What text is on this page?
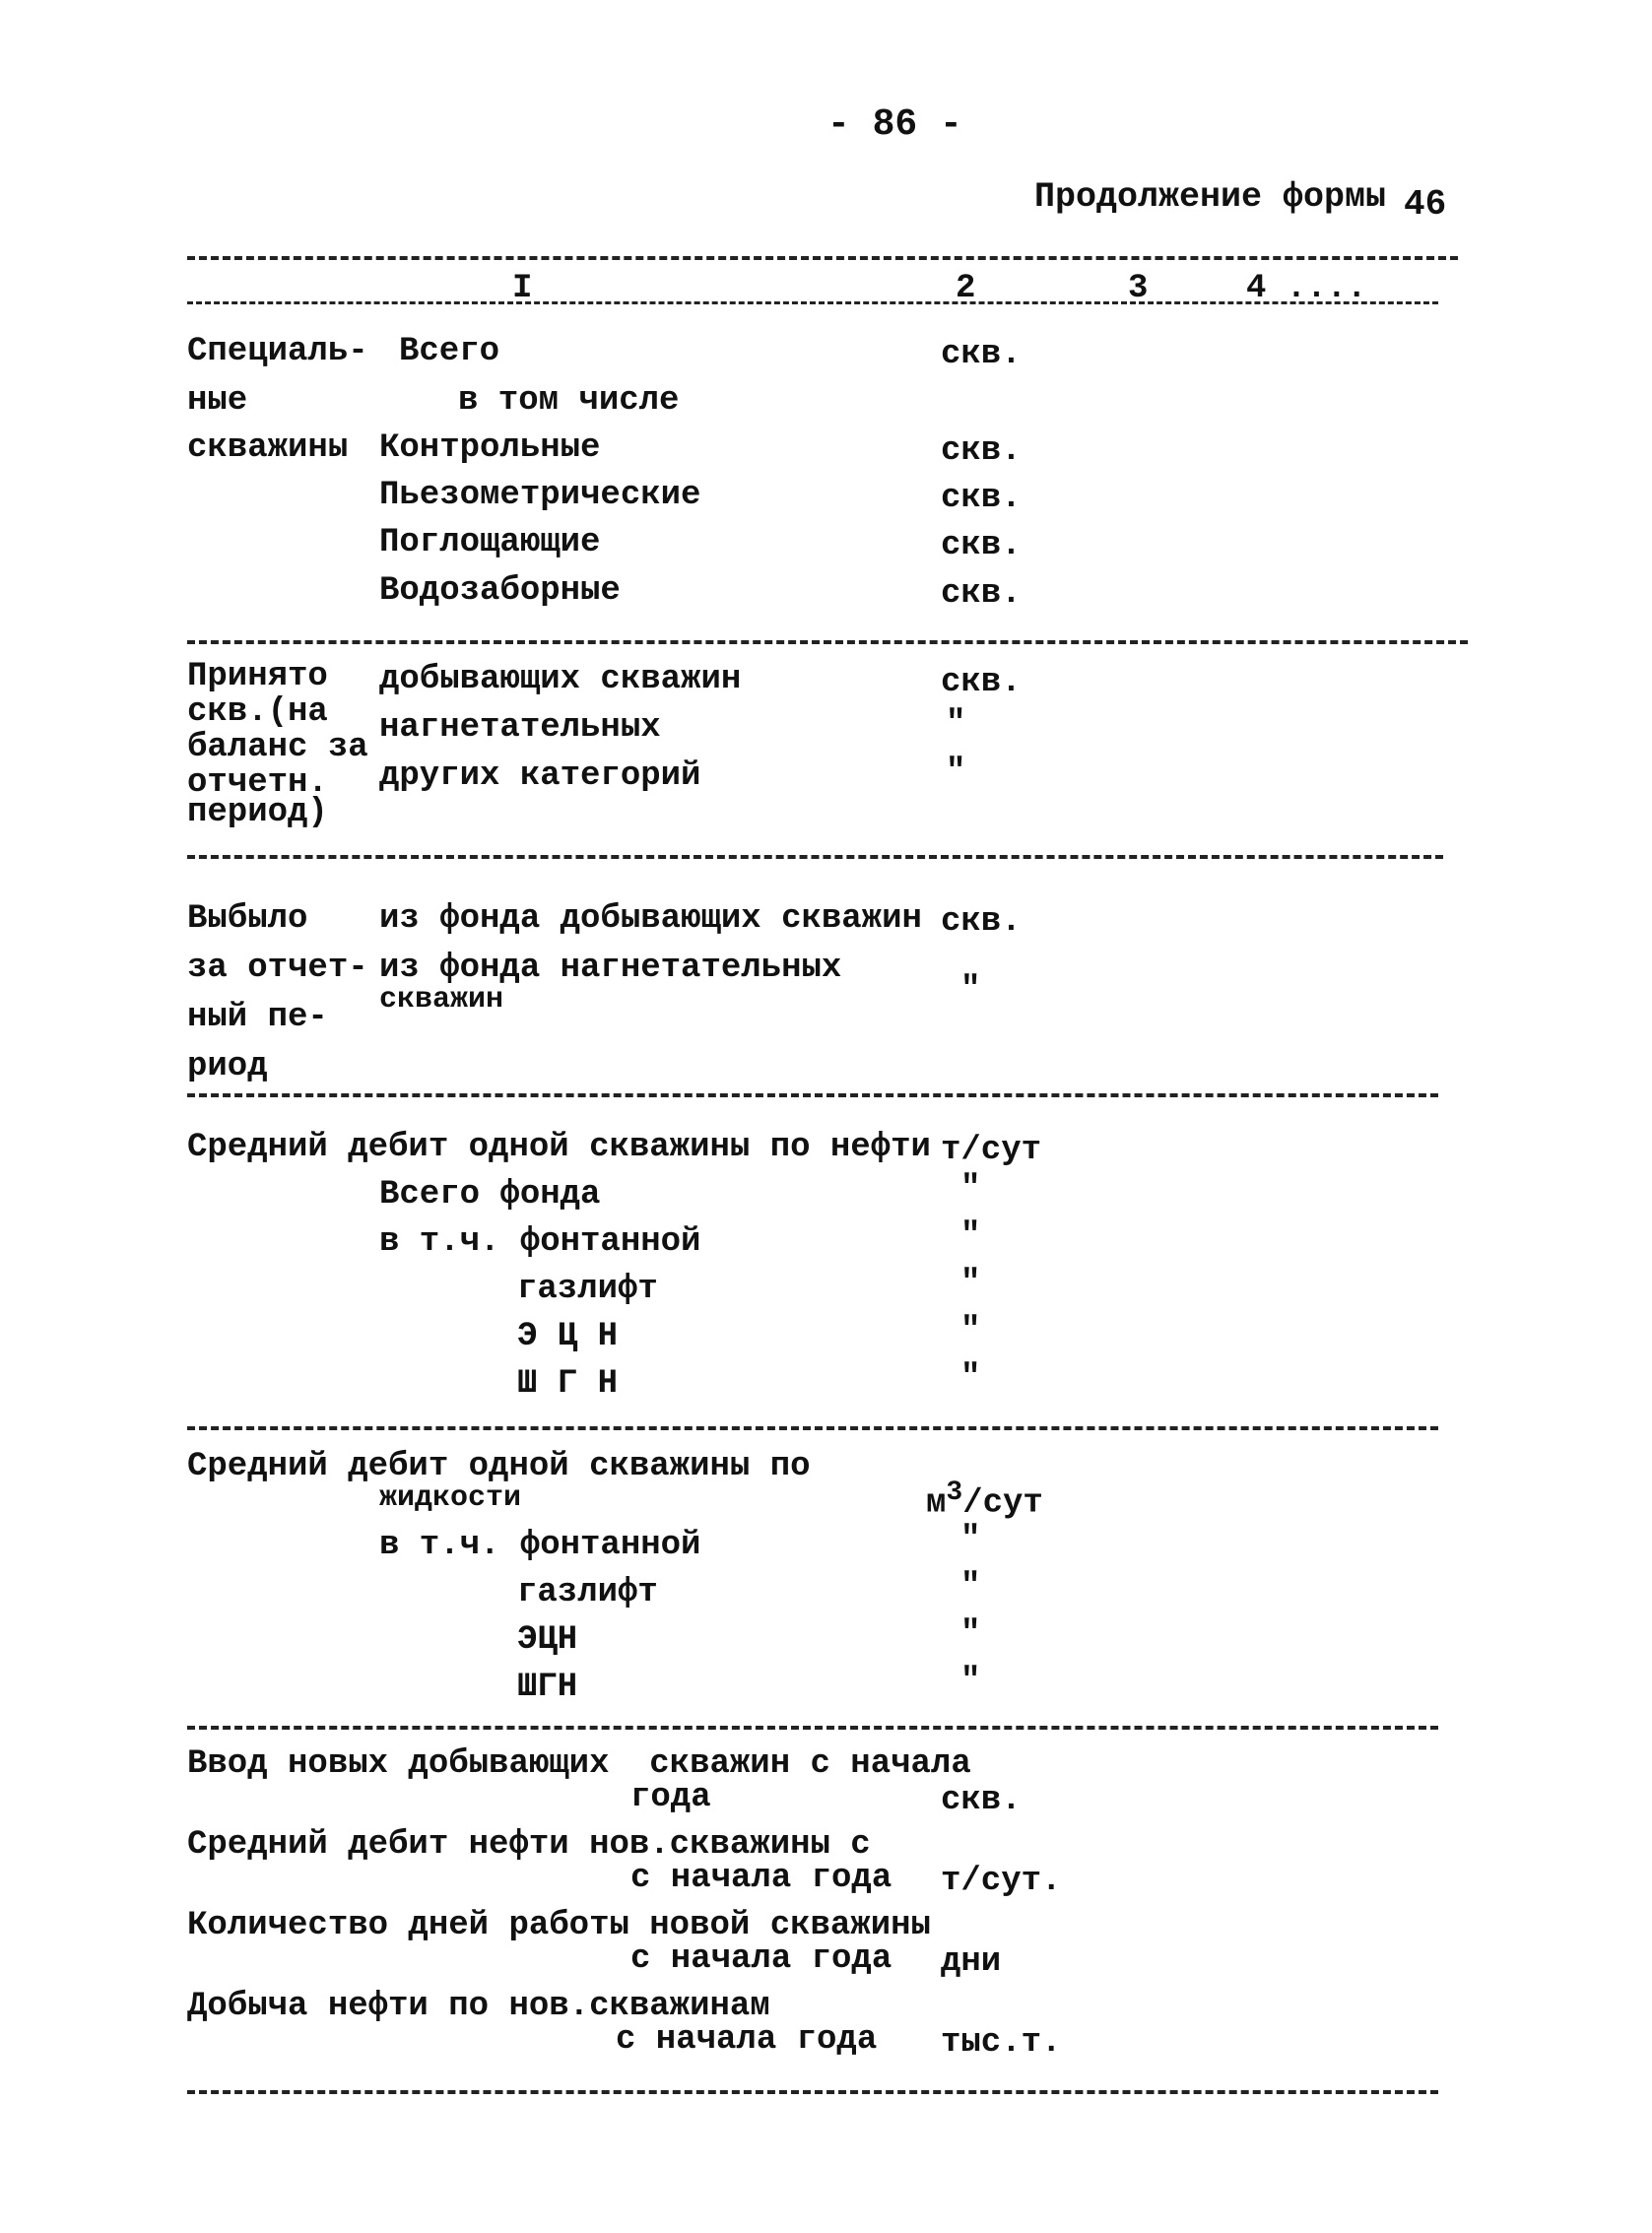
- 86 -
Продолжение формы 46
I	2	3	4 ....
Специаль-
ные
скважины
Всего	скв.
в том числе
Контрольные	скв.
Пьезометрические	скв.
Поглощающие	скв.
Водозаборные	скв.
Принято
скв.(на
баланс за
отчетн.
период)
добывающих скважин	скв.
нагнетательных	"
других категорий	"
Выбыло
за отчет-
ный пе-
риод
из фонда добывающих скважин скв.
из фонда нагнетательных
скважин	"
Средний дебит одной скважины по нефти т/сут
Всего фонда	"
в т.ч. фонтанной	"
газлифт	"
Э Ц Н	"
Ш Г Н	"
Средний дебит одной скважины по
жидкости	$м^3$/сут
в т.ч. фонтанной	"
газлифт	"
ЭЦН	"
ШГН	"
Ввод новых добывающих  скважин с начала
года	скв.
Средний дебит нефти нов.скважины с
с начала года т/сут.
Количество дней работы новой скважины
с начала года дни
Добыча нефти по нов.скважинам
с начала года тыс.т.
